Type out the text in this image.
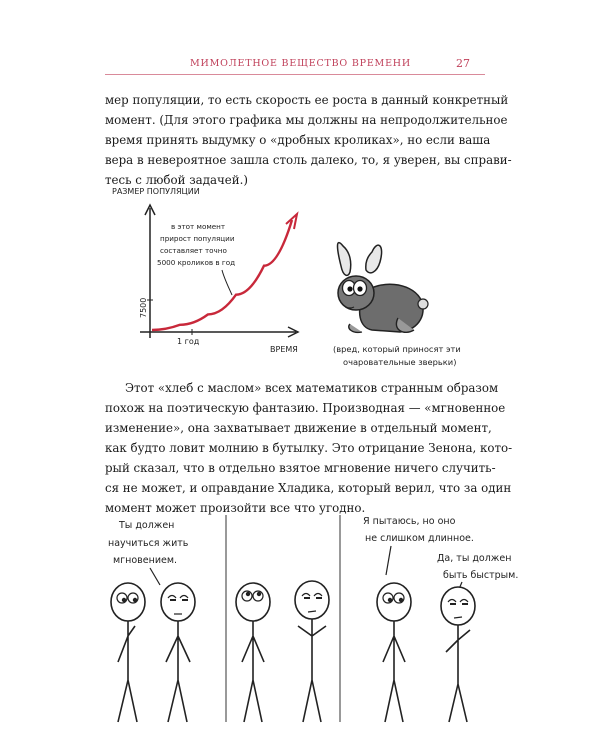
МИМОЛЕТНОЕ ВЕЩЕСТВО ВРЕМЕНИ	27
мер популяции, то есть скорость ее роста в данный конкретный
момент. (Для этого графика мы должны на непродолжительное
время принять выдумку о «дробных кроликах», но если ваша
вера в невероятное зашла столь далеко, то, я уверен, вы справи-
тесь с любой задачей.)
РАЗМЕР ПОПУЛЯЦИИ
ВРЕМЯ
1 год
7500
в этот момент
прирост популяции
составляет точно
5000 кроликов в год
(вред, который приносят эти
очаровательные зверьки)
Этот «хлеб с маслом» всех математиков странным образом
похож на поэтическую фантазию. Производная — «мгновенное
изменение», она захватывает движение в отдельный момент,
как будто ловит молнию в бутылку. Это отрицание Зенона, кото-
рый сказал, что в отдельно взятое мгновение ничего случить-
ся не может, и оправдание Хладика, который верил, что за один
момент может произойти все что угодно.
Ты должен
научиться жить
мгновением.
Я пытаюсь, но оно
не слишком длинное.
Да, ты должен
быть быстрым.
